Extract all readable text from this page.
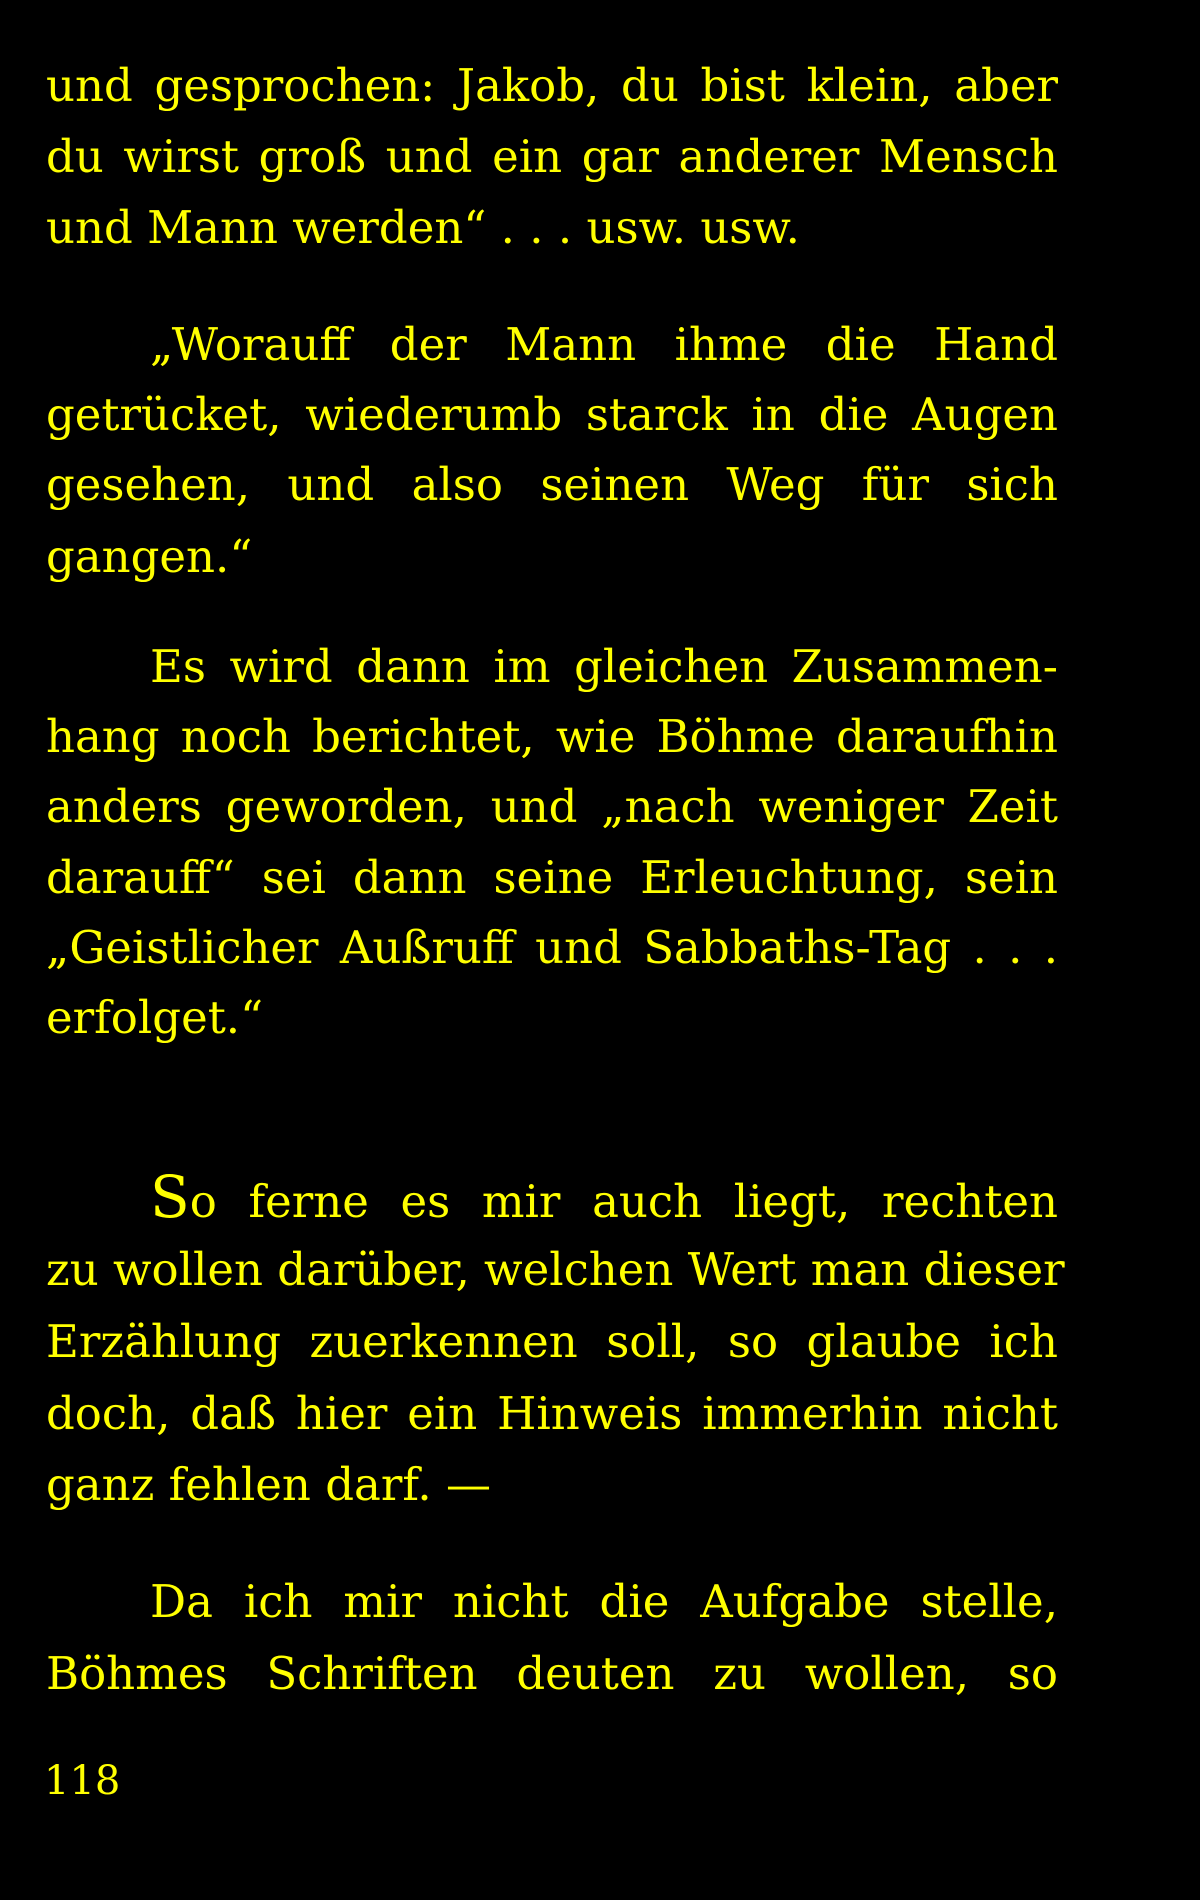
und gesprochen: Jakob, du bist klein, aber
du wirst groß und ein gar anderer Mensch
und Mann werden“ . . . usw. usw.
„Worauff der Mann ihme die Hand
getrücket, wiederumb starck in die Augen
gesehen, und also seinen Weg für sich
gangen.“
Es wird dann im gleichen Zusammen-
hang noch berichtet, wie Böhme daraufhin
anders geworden, und „nach weniger Zeit
darauff“ sei dann seine Erleuchtung, sein
„Geistlicher Außruff und Sabbaths-Tag . . .
erfolget.“
So ferne es mir auch liegt, rechten
zu wollen darüber, welchen Wert man dieser
Erzählung zuerkennen soll, so glaube ich
doch, daß hier ein Hinweis immerhin nicht
ganz fehlen darf. —
Da ich mir nicht die Aufgabe stelle,
Böhmes Schriften deuten zu wollen, so
118
